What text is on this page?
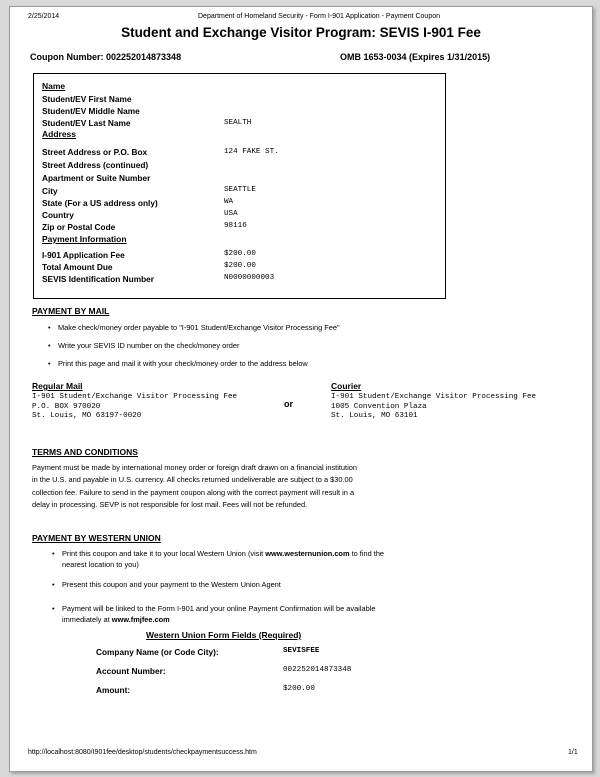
2/25/2014	Department of Homeland Security - Form I-901 Application - Payment Coupon
Student and Exchange Visitor Program: SEVIS I-901 Fee
Coupon Number: 002252014873348	OMB 1653-0034 (Expires 1/31/2015)
Name
Student/EV First Name
Student/EV Middle Name
Student/EV Last Name	SEALTH
Address
Street Address or P.O. Box	124 FAKE ST.
Street Address (continued)
Apartment or Suite Number
City	SEATTLE
State (For a US address only)	WA
Country	USA
Zip or Postal Code	98116
Payment Information
I-901 Application Fee	$200.00
Total Amount Due	$200.00
SEVIS Identification Number	N0000000003
PAYMENT BY MAIL
• Make check/money order payable to "I-901 Student/Exchange Visitor Processing Fee"
• Write your SEVIS ID number on the check/money order
• Print this page and mail it with your check/money order to the address below
Regular Mail
I-901 Student/Exchange Visitor Processing Fee
P.O. BOX 970020
St. Louis, MO 63197-0020
or
Courier
I-901 Student/Exchange Visitor Processing Fee
1005 Convention Plaza
St. Louis, MO 63101
TERMS AND CONDITIONS
Payment must be made by international money order or foreign draft drawn on a financial institution
in the U.S. and payable in U.S. currency. All checks returned undeliverable are subject to a $30.00
collection fee. Failure to send in the payment coupon along with the correct payment will result in a
delay in processing. SEVP is not responsible for lost mail. Fees will not be refunded.
PAYMENT BY WESTERN UNION
• Print this coupon and take it to your local Western Union (visit www.westernunion.com to find the
nearest location to you)
• Present this coupon and your payment to the Western Union Agent
• Payment will be linked to the Form I-901 and your online Payment Confirmation will be available
immediately at www.fmjfee.com
Western Union Form Fields (Required)
Company Name (or Code City):	SEVISFEE
Account Number:	002252014873348
Amount:	$200.00
http://localhost:8080/I901fee/desktop/students/checkpaymentsuccess.htm	1/1
